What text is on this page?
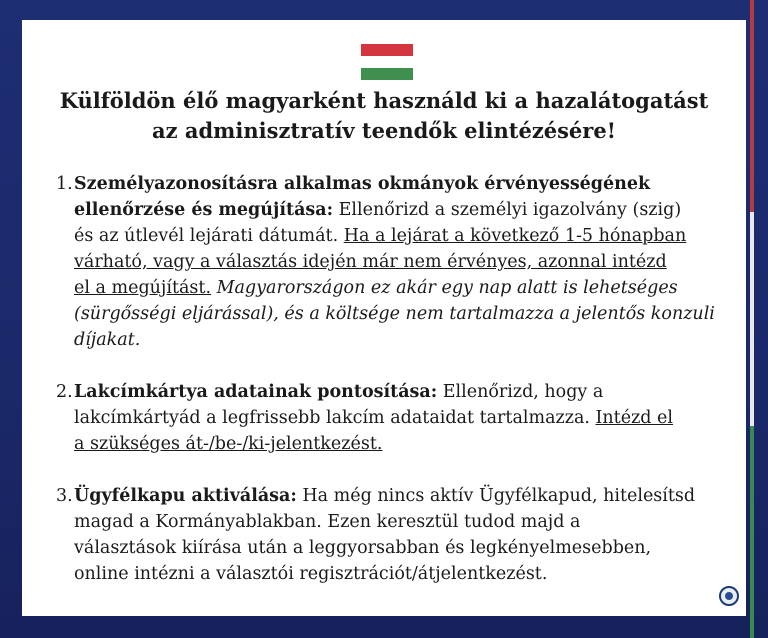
Külföldön élő magyarként használd ki a hazalátogatást
az adminisztratív teendők elintézésére!
1. Személyazonosításra alkalmas okmányok érvényességének
ellenőrzése és megújítása: Ellenőrizd a személyi igazolvány (szig)
és az útlevél lejárati dátumát. Ha a lejárat a következő 1-5 hónapban
várható, vagy a választás idején már nem érvényes, azonnal intézd
el a megújítást. Magyarországon ez akár egy nap alatt is lehetséges
(sürgősségi eljárással), és a költsége nem tartalmazza a jelentős konzuli
díjakat.
2. Lakcímkártya adatainak pontosítása: Ellenőrizd, hogy a
lakcímkártyád a legfrissebb lakcím adataidat tartalmazza. Intézd el
a szükséges át-/be-/ki-jelentkezést.
3. Ügyfélkapu aktiválása: Ha még nincs aktív Ügyfélkapud, hitelesítsd
magad a Kormányablakban. Ezen keresztül tudod majd a
választások kiírása után a leggyorsabban és legkényelmesebben,
online intézni a választói regisztrációt/átjelentkezést.
